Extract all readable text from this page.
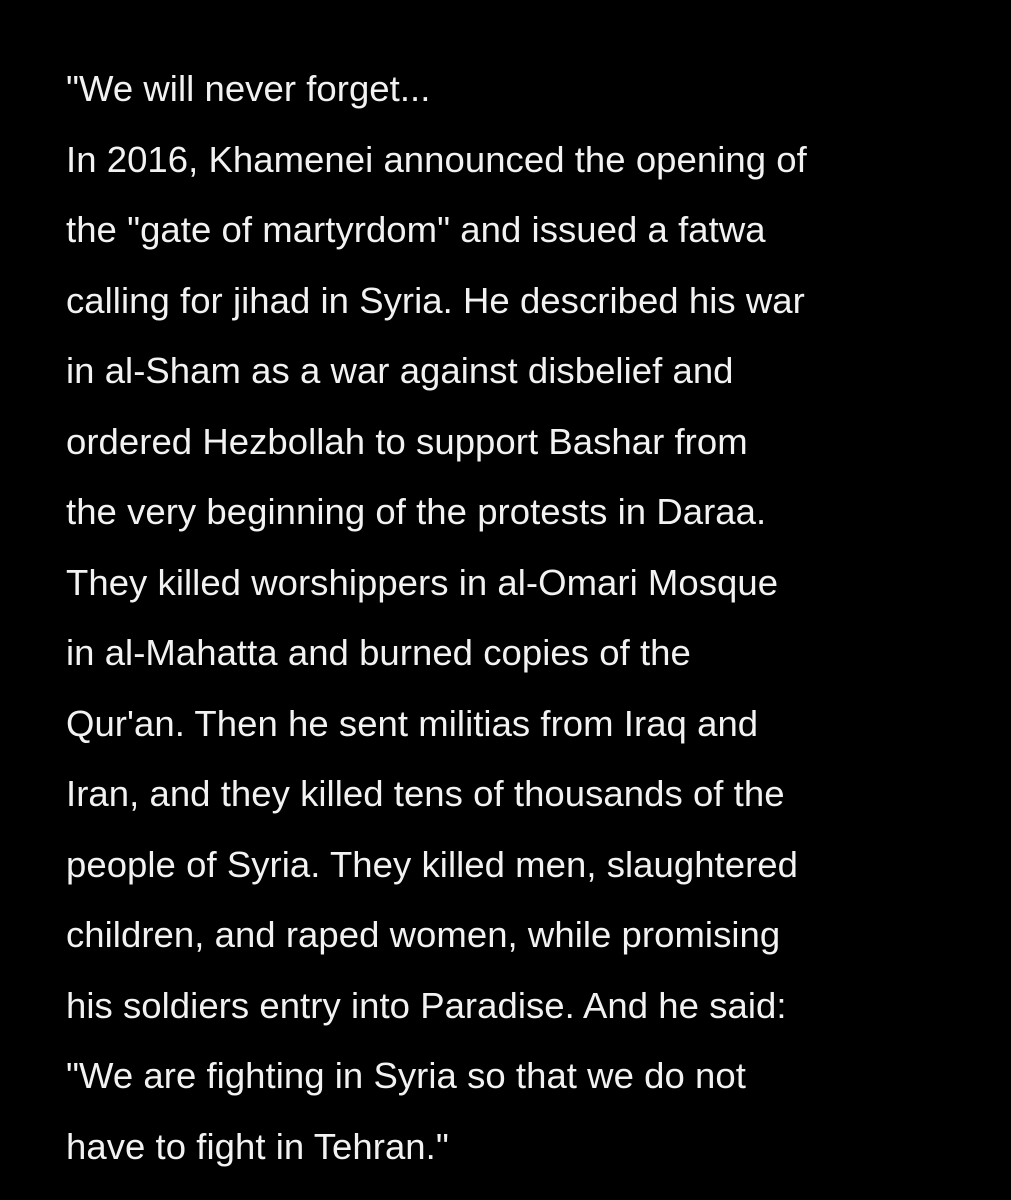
"We will never forget...
In 2016, Khamenei announced the opening of
the "gate of martyrdom" and issued a fatwa
calling for jihad in Syria. He described his war
in al-Sham as a war against disbelief and
ordered Hezbollah to support Bashar from
the very beginning of the protests in Daraa.
They killed worshippers in al-Omari Mosque
in al-Mahatta and burned copies of the
Qur'an. Then he sent militias from Iraq and
Iran, and they killed tens of thousands of the
people of Syria. They killed men, slaughtered
children, and raped women, while promising
his soldiers entry into Paradise. And he said:
"We are fighting in Syria so that we do not
have to fight in Tehran."
